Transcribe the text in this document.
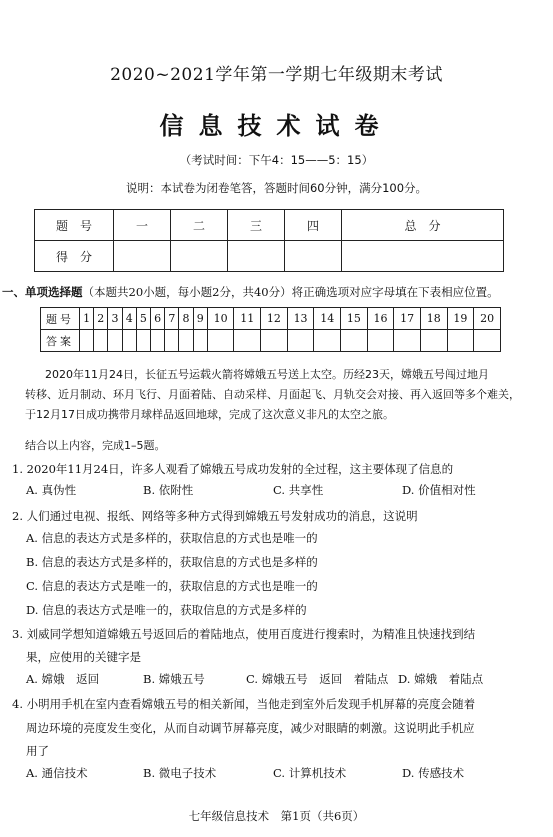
2020~2021学年第一学期七年级期末考试
信息技术试卷
（考试时间：下午4：15——5：15）
说明：本试卷为闭卷笔答，答题时间60分钟，满分100分。
题　号	一	二	三	四	总　分
得　分					
一、单项选择题（本题共20小题，每小题2分，共40分）将正确选项对应字母填在下表相应位置。
题号	1	2	3	4	5	6	7	8	9	10	11	12	13	14	15	16	17	18	19	20
答案																				
2020年11月24日，长征五号运载火箭将嫦娥五号送上太空。历经23天，嫦娥五号闯过地月
转移、近月制动、环月飞行、月面着陆、自动采样、月面起飞、月轨交会对接、再入返回等多个难关，
于12月17日成功携带月球样品返回地球，完成了这次意义非凡的太空之旅。
结合以上内容，完成1–5题。
1. 2020年11月24日，许多人观看了嫦娥五号成功发射的全过程，这主要体现了信息的
A. 真伪性	B. 依附性	C. 共享性	D. 价值相对性
2. 人们通过电视、报纸、网络等多种方式得到嫦娥五号发射成功的消息，这说明
A. 信息的表达方式是多样的，获取信息的方式也是唯一的
B. 信息的表达方式是多样的，获取信息的方式也是多样的
C. 信息的表达方式是唯一的，获取信息的方式也是唯一的
D. 信息的表达方式是唯一的，获取信息的方式是多样的
3. 刘威同学想知道嫦娥五号返回后的着陆地点，使用百度进行搜索时，为精准且快速找到结
果，应使用的关键字是
A. 嫦娥　返回	B. 嫦娥五号	C. 嫦娥五号　返回　着陆点 D. 嫦娥　着陆点
4. 小明用手机在室内查看嫦娥五号的相关新闻，当他走到室外后发现手机屏幕的亮度会随着
周边环境的亮度发生变化，从而自动调节屏幕亮度，减少对眼睛的刺激。这说明此手机应
用了
A. 通信技术	B. 微电子技术	C. 计算机技术	D. 传感技术
七年级信息技术　第1页（共6页）
